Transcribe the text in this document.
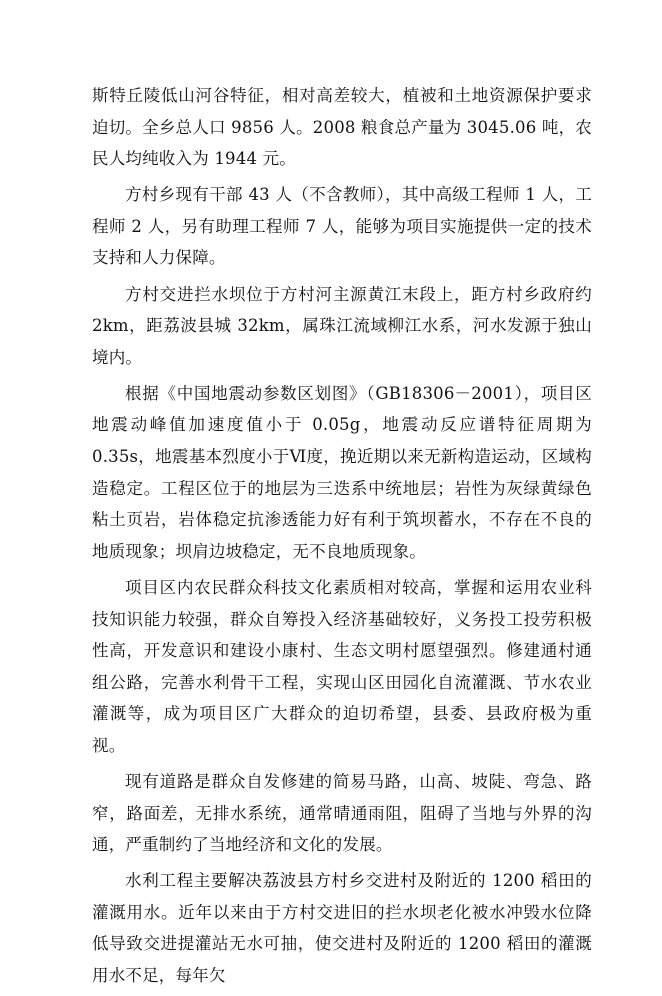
斯特丘陵低山河谷特征，相对高差较大，植被和土地资源保护要求迫切。全乡总人口 9856 人。2008 粮食总产量为 3045.06 吨，农民人均纯收入为 1944 元。

方村乡现有干部 43 人（不含教师），其中高级工程师 1 人，工程师 2 人，另有助理工程师 7 人，能够为项目实施提供一定的技术支持和人力保障。

方村交进拦水坝位于方村河主源黄江末段上，距方村乡政府约 2km，距荔波县城 32km，属珠江流域柳江水系，河水发源于独山境内。

根据《中国地震动参数区划图》（GB18306－2001），项目区地震动峰值加速度值小于 0.05g，地震动反应谱特征周期为 0.35s，地震基本烈度小于Ⅵ度，挽近期以来无新构造运动，区域构造稳定。工程区位于的地层为三迭系中统地层；岩性为灰绿黄绿色粘土页岩，岩体稳定抗渗透能力好有利于筑坝蓄水，不存在不良的地质现象；坝肩边坡稳定，无不良地质现象。

项目区内农民群众科技文化素质相对较高，掌握和运用农业科技知识能力较强，群众自筹投入经济基础较好，义务投工投劳积极性高，开发意识和建设小康村、生态文明村愿望强烈。修建通村通组公路，完善水利骨干工程，实现山区田园化自流灌溉、节水农业灌溉等，成为项目区广大群众的迫切希望，县委、县政府极为重视。

现有道路是群众自发修建的简易马路，山高、坡陡、弯急、路窄，路面差，无排水系统，通常晴通雨阻，阻碍了当地与外界的沟通，严重制约了当地经济和文化的发展。

水利工程主要解决荔波县方村乡交进村及附近的 1200 稻田的灌溉用水。近年以来由于方村交进旧的拦水坝老化被水冲毁水位降低导致交进提灌站无水可抽，使交进村及附近的 1200 稻田的灌溉用水不足，每年欠
